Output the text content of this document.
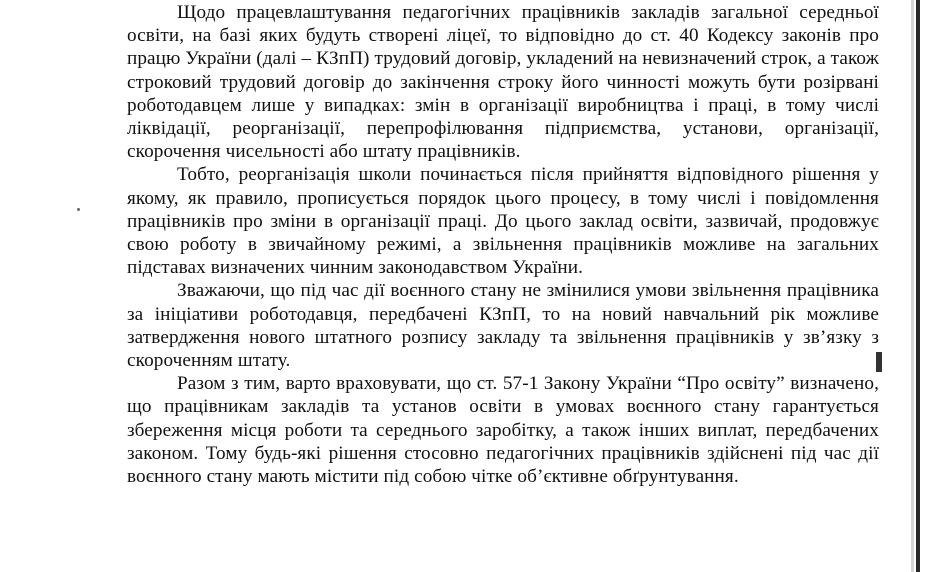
Щодо працевлаштування педагогічних працівників закладів загальної середньої освіти, на базі яких будуть створені ліцеї, то відповідно до ст. 40 Кодексу законів про працю України (далі – КЗпП) трудовий договір, укладений на невизначений строк, а також строковий трудовий договір до закінчення строку його чинності можуть бути розірвані роботодавцем лише у випадках: змін в організації виробництва і праці, в тому числі ліквідації, реорганізації, перепрофілювання підприємства, установи, організації, скорочення чисельності або штату працівників.

Тобто, реорганізація школи починається після прийняття відповідного рішення у якому, як правило, прописується порядок цього процесу, в тому числі і повідомлення працівників про зміни в організації праці. До цього заклад освіти, зазвичай, продовжує свою роботу в звичайному режимі, а звільнення працівників можливе на загальних підставах визначених чинним законодавством України.

Зважаючи, що під час дії воєнного стану не змінилися умови звільнення працівника за ініціативи роботодавця, передбачені КЗпП, то на новий навчальний рік можливе затвердження нового штатного розпису закладу та звільнення працівників у зв’язку з скороченням штату.

Разом з тим, варто враховувати, що ст. 57-1 Закону України “Про освіту” визначено, що працівникам закладів та установ освіти в умовах воєнного стану гарантується збереження місця роботи та середнього заробітку, а також інших виплат, передбачених законом. Тому будь-які рішення стосовно педагогічних працівників здійснені під час дії воєнного стану мають містити під собою чітке об’єктивне обґрунтування.
